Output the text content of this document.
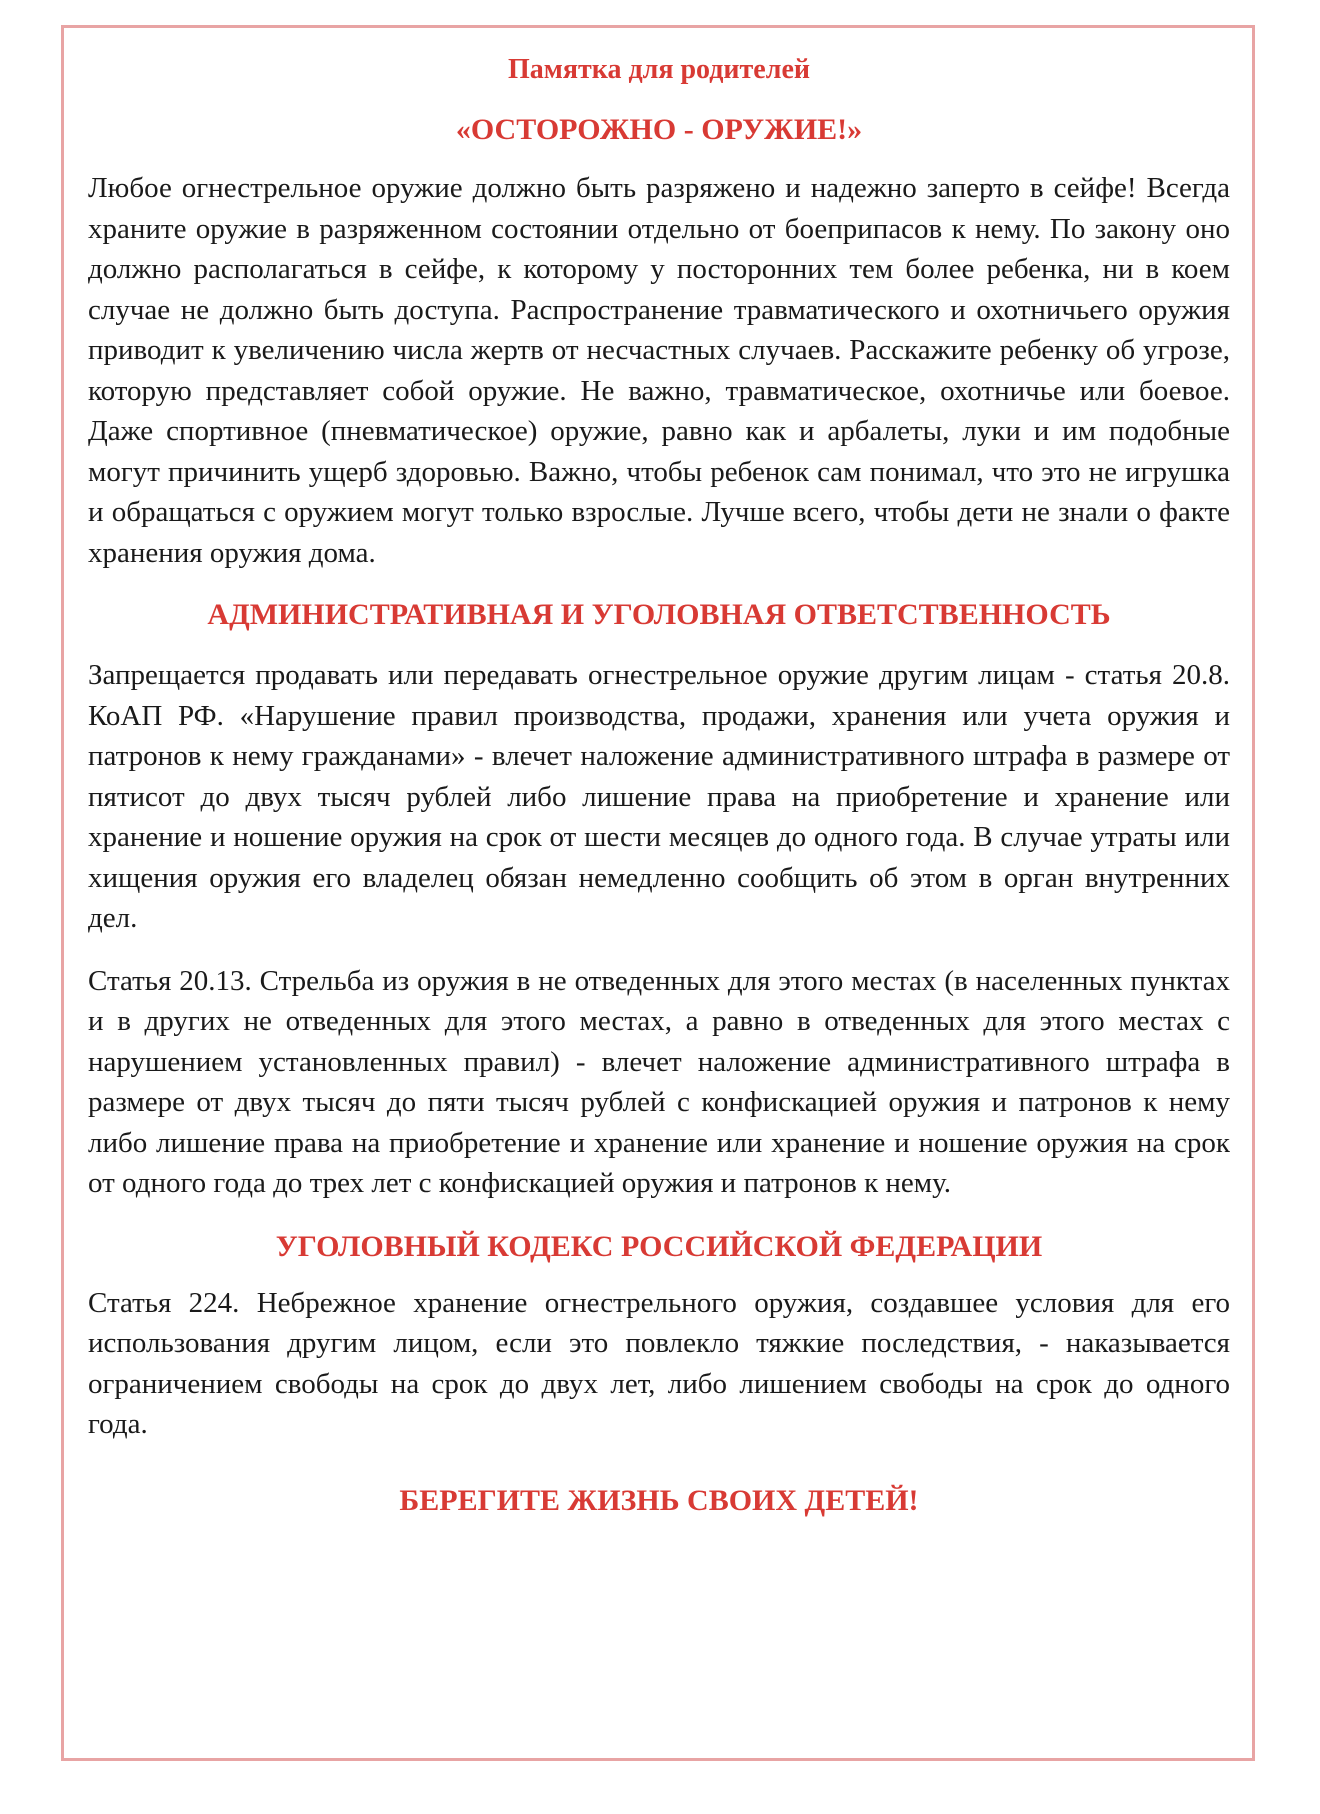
Памятка для родителей

«ОСТОРОЖНО - ОРУЖИЕ!»

Любое огнестрельное оружие должно быть разряжено и надежно заперто в сейфе! Всегда храните оружие в разряженном состоянии отдельно от боеприпасов к нему. По закону оно должно располагаться в сейфе, к которому у посторонних тем более ребенка, ни в коем случае не должно быть доступа. Распространение травматического и охотничьего оружия приводит к увеличению числа жертв от несчастных случаев. Расскажите ребенку об угрозе, которую представляет собой оружие. Не важно, травматическое, охотничье или боевое. Даже спортивное (пневматическое) оружие, равно как и арбалеты, луки и им подобные могут причинить ущерб здоровью. Важно, чтобы ребенок сам понимал, что это не игрушка и обращаться с оружием могут только взрослые. Лучше всего, чтобы дети не знали о факте хранения оружия дома.

АДМИНИСТРАТИВНАЯ И УГОЛОВНАЯ ОТВЕТСТВЕННОСТЬ

Запрещается продавать или передавать огнестрельное оружие другим лицам - статья 20.8. КоАП РФ. «Нарушение правил производства, продажи, хранения или учета оружия и патронов к нему гражданами» - влечет наложение административного штрафа в размере от пятисот до двух тысяч рублей либо лишение права на приобретение и хранение или хранение и ношение оружия на срок от шести месяцев до одного года. В случае утраты или хищения оружия его владелец обязан немедленно сообщить об этом в орган внутренних дел.

Статья 20.13. Стрельба из оружия в не отведенных для этого местах (в населенных пунктах и в других не отведенных для этого местах, а равно в отведенных для этого местах с нарушением установленных правил) - влечет наложение административного штрафа в размере от двух тысяч до пяти тысяч рублей с конфискацией оружия и патронов к нему либо лишение права на приобретение и хранение или хранение и ношение оружия на срок от одного года до трех лет с конфискацией оружия и патронов к нему.

УГОЛОВНЫЙ КОДЕКС РОССИЙСКОЙ ФЕДЕРАЦИИ

Статья 224. Небрежное хранение огнестрельного оружия, создавшее условия для его использования другим лицом, если это повлекло тяжкие последствия, - наказывается ограничением свободы на срок до двух лет, либо лишением свободы на срок до одного года.

БЕРЕГИТЕ ЖИЗНЬ СВОИХ ДЕТЕЙ!
